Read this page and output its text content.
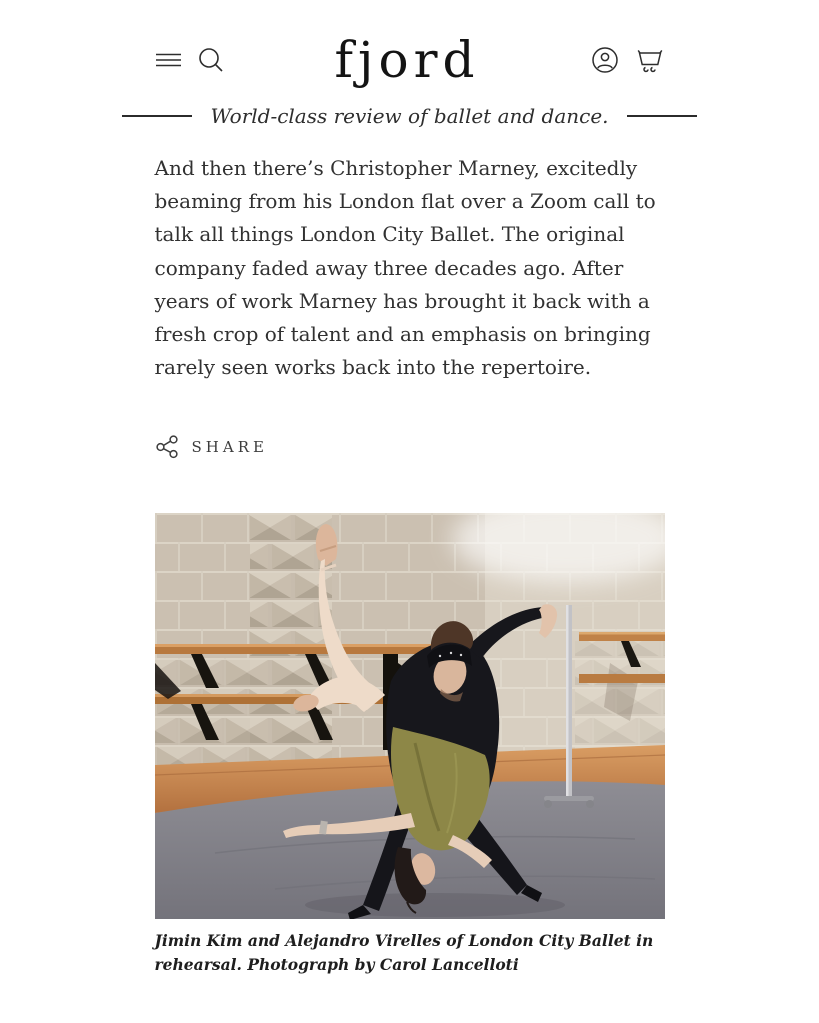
fjord
World-class review of ballet and dance.

And then there’s Christopher Marney, excitedly beaming from his London flat over a Zoom call to talk all things London City Ballet. The original company faded away three decades ago. After years of work Marney has brought it back with a fresh crop of talent and an emphasis on bringing rarely seen works back into the repertoire.

SHARE
Jimin Kim and Alejandro Virelles of London City Ballet in rehearsal. Photograph by Carol Lancelloti
